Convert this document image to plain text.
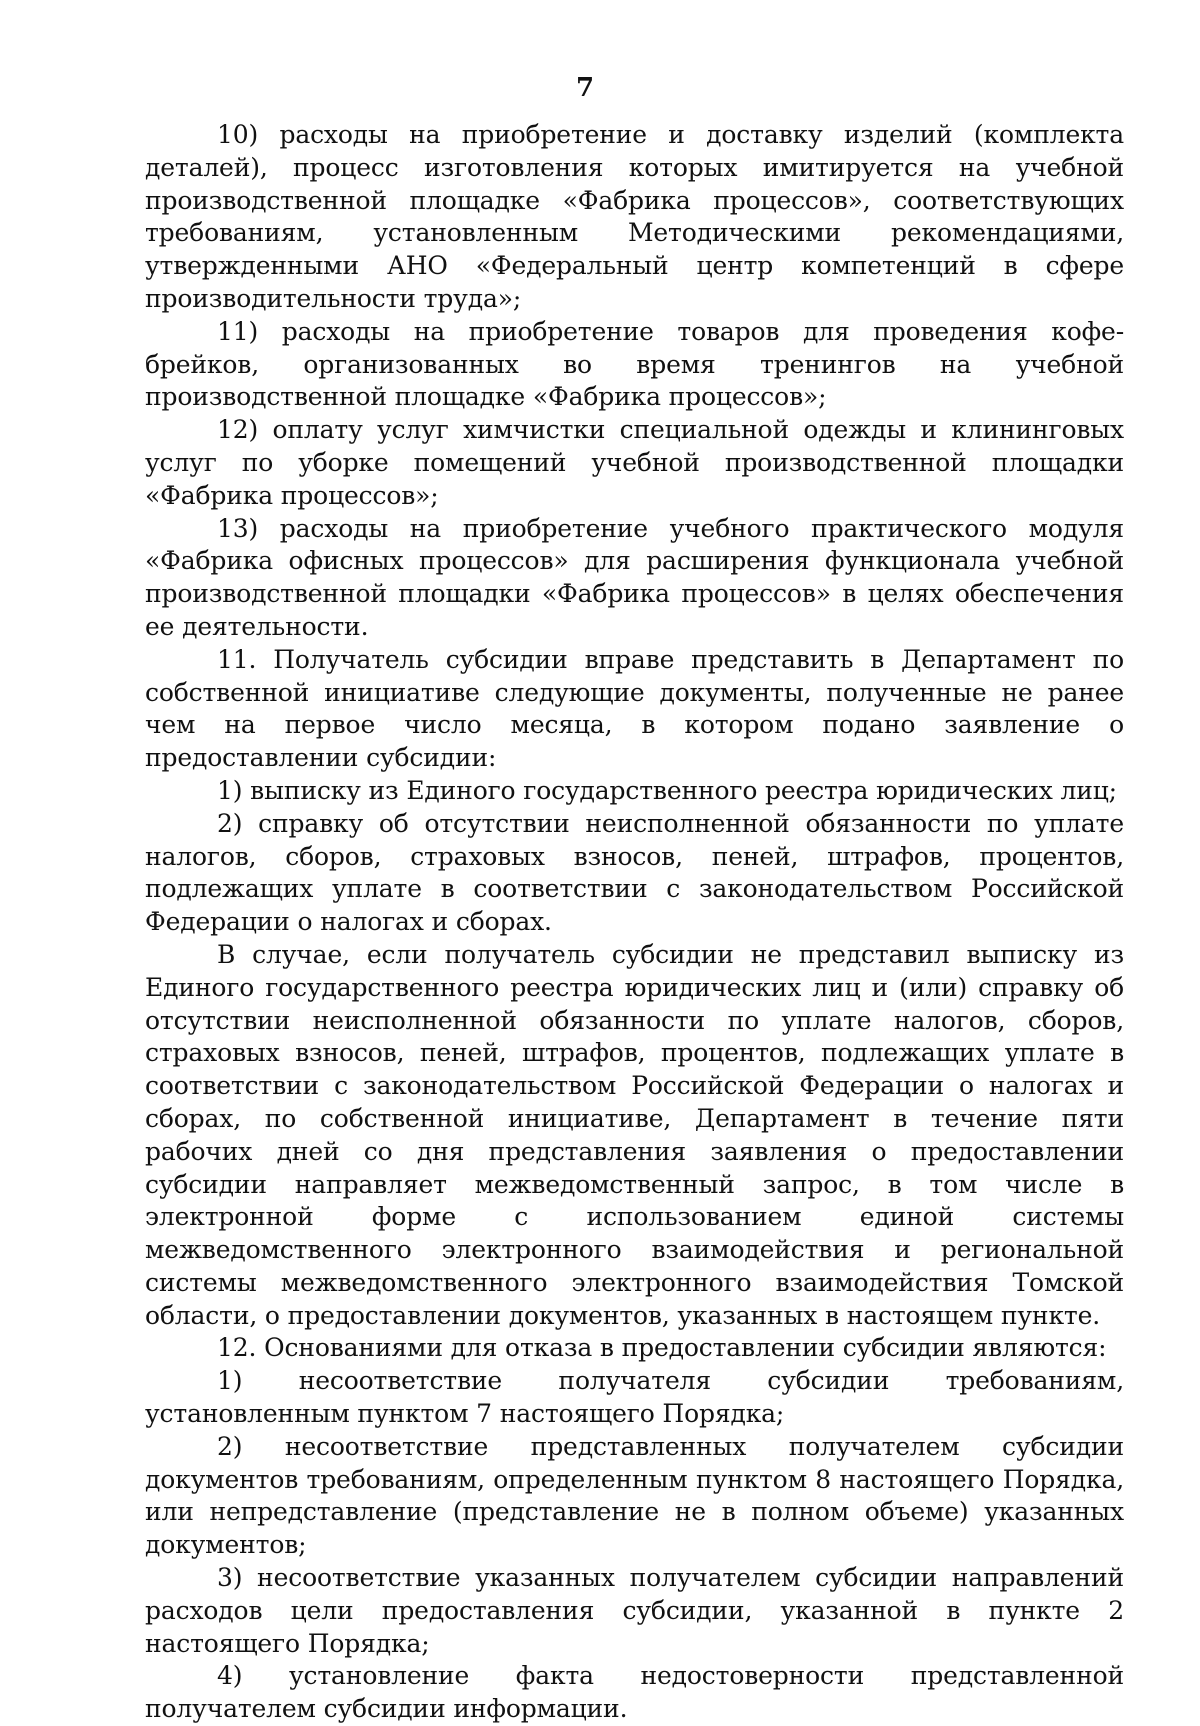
7

10) расходы на приобретение и доставку изделий (комплекта деталей), процесс изготовления которых имитируется на учебной производственной площадке «Фабрика процессов», соответствующих требованиям, установленным Методическими рекомендациями, утвержденными АНО «Федеральный центр компетенций в сфере производительности труда»;

11) расходы на приобретение товаров для проведения кофе-брейков, организованных во время тренингов на учебной производственной площадке «Фабрика процессов»;

12) оплату услуг химчистки специальной одежды и клининговых услуг по уборке помещений учебной производственной площадки «Фабрика процессов»;

13) расходы на приобретение учебного практического модуля «Фабрика офисных процессов» для расширения функционала учебной производственной площадки «Фабрика процессов» в целях обеспечения ее деятельности.

11. Получатель субсидии вправе представить в Департамент по собственной инициативе следующие документы, полученные не ранее чем на первое число месяца, в котором подано заявление о предоставлении субсидии:

1) выписку из Единого государственного реестра юридических лиц;

2) справку об отсутствии неисполненной обязанности по уплате налогов, сборов, страховых взносов, пеней, штрафов, процентов, подлежащих уплате в соответствии с законодательством Российской Федерации о налогах и сборах.

В случае, если получатель субсидии не представил выписку из Единого государственного реестра юридических лиц и (или) справку об отсутствии неисполненной обязанности по уплате налогов, сборов, страховых взносов, пеней, штрафов, процентов, подлежащих уплате в соответствии с законодательством Российской Федерации о налогах и сборах, по собственной инициативе, Департамент в течение пяти рабочих дней со дня представления заявления о предоставлении субсидии направляет межведомственный запрос, в том числе в электронной форме с использованием единой системы межведомственного электронного взаимодействия и региональной системы межведомственного электронного взаимодействия Томской области, о предоставлении документов, указанных в настоящем пункте.

12. Основаниями для отказа в предоставлении субсидии являются:

1) несоответствие получателя субсидии требованиям, установленным пунктом 7 настоящего Порядка;

2) несоответствие представленных получателем субсидии документов требованиям, определенным пунктом 8 настоящего Порядка, или непредставление (представление не в полном объеме) указанных документов;

3) несоответствие указанных получателем субсидии направлений расходов цели предоставления субсидии, указанной в пункте 2 настоящего Порядка;

4) установление факта недостоверности представленной получателем субсидии информации.
